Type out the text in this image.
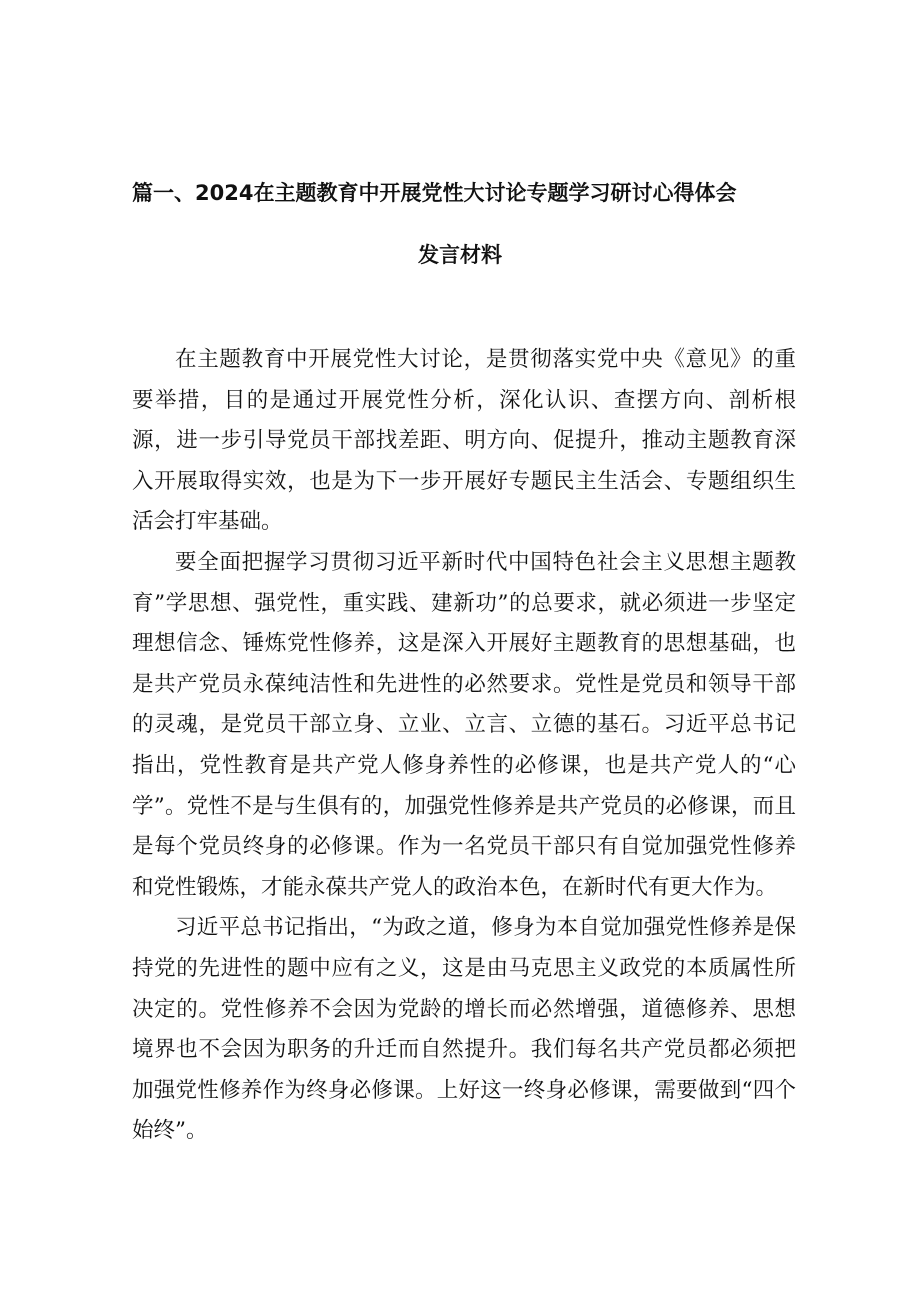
篇一、2024在主题教育中开展党性大讨论专题学习研讨心得体会
发言材料

在主题教育中开展党性大讨论，是贯彻落实党中央《意见》的重要举措，目的是通过开展党性分析，深化认识、查摆方向、剖析根源，进一步引导党员干部找差距、明方向、促提升，推动主题教育深入开展取得实效，也是为下一步开展好专题民主生活会、专题组织生活会打牢基础。

要全面把握学习贯彻习近平新时代中国特色社会主义思想主题教育”学思想、强党性，重实践、建新功”的总要求，就必须进一步坚定理想信念、锤炼党性修养，这是深入开展好主题教育的思想基础，也是共产党员永葆纯洁性和先进性的必然要求。党性是党员和领导干部的灵魂，是党员干部立身、立业、立言、立德的基石。习近平总书记指出，党性教育是共产党人修身养性的必修课，也是共产党人的“心学”。党性不是与生俱有的，加强党性修养是共产党员的必修课，而且是每个党员终身的必修课。作为一名党员干部只有自觉加强党性修养和党性锻炼，才能永葆共产党人的政治本色，在新时代有更大作为。

习近平总书记指出，“为政之道，修身为本自觉加强党性修养是保持党的先进性的题中应有之义，这是由马克思主义政党的本质属性所决定的。党性修养不会因为党龄的增长而必然增强，道德修养、思想境界也不会因为职务的升迁而自然提升。我们每名共产党员都必须把加强党性修养作为终身必修课。上好这一终身必修课，需要做到“四个始终”。
